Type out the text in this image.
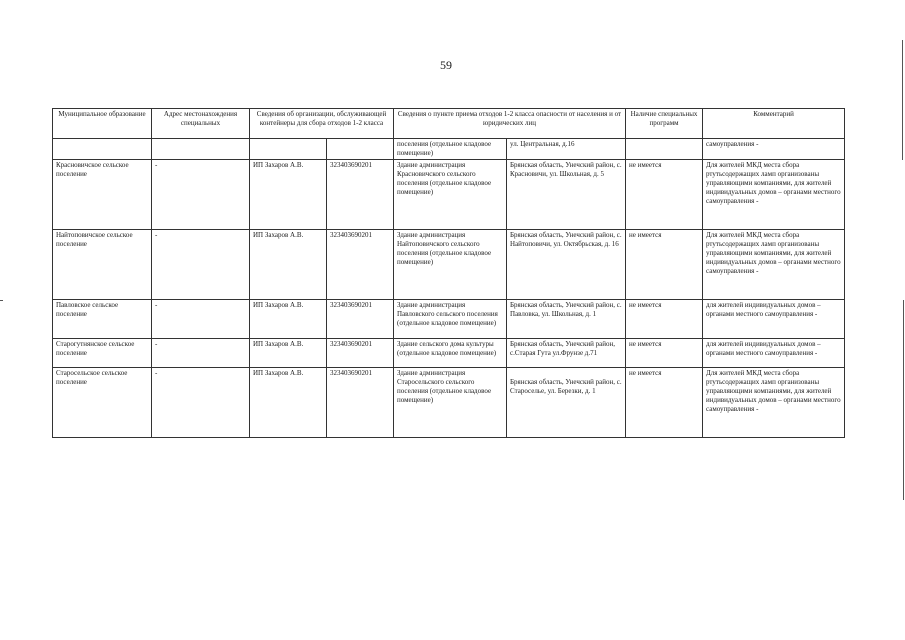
59
Муниципальное образование	Адрес местонахождения специальных	Сведения об организации, обслуживающей контейнеры для сбора отходов 1-2 класса		Сведения о пункте приема отходов 1-2 класса опасности от населения и от юридических лиц		Наличие специальных программ	Комментарий
				поселения (отдельное кладовое помещение)	ул. Центральная, д.16		самоуправления -
Красновичское сельское поселение	-	ИП Захаров А.В.	323403690201	Здание администрация Красновичского сельского поселения (отдельное кладовое помещение)	Брянская область, Унечский район, с. Красновичи, ул. Школьная, д. 5	не имеется	Для жителей МКД места сбора ртутьсодержащих ламп организованы управляющими компаниями, для жителей индивидуальных домов – органами местного самоуправления -
Найтоповичское сельское поселение	-	ИП Захаров А.В.	323403690201	Здание администрация Найтоповичского сельского поселения (отдельное кладовое помещение)	Брянская область, Унечский район, с. Найтоповичи, ул. Октябрьская, д. 16	не имеется	Для жителей МКД места сбора ртутьсодержащих ламп организованы управляющими компаниями, для жителей индивидуальных домов – органами местного самоуправления -
Павловское сельское поселение	-	ИП Захаров А.В.	323403690201	Здание администрация Павловского сельского поселения (отдельное кладовое помещение)	Брянская область, Унечский район, с. Павловка, ул. Школьная, д. 1	не имеется	для жителей индивидуальных домов – органами местного самоуправления -
Старогутнянское сельское поселение	-	ИП Захаров А.В.	323403690201	Здание сельского дома культуры (отдельное кладовое помещение)	Брянская область, Унечский район, с.Старая Гута ул.Фрунзе д.71	не имеется	для жителей индивидуальных домов – органами местного самоуправления -
Старосельское сельское поселение	-	ИП Захаров А.В.	323403690201	Здание администрация Старосельского сельского поселения (отдельное кладовое помещение)	Брянская область, Унечский район, с. Староселье, ул. Березки, д. 1	не имеется	Для жителей МКД места сбора ртутьсодержащих ламп организованы управляющими компаниями, для жителей индивидуальных домов – органами местного самоуправления -
